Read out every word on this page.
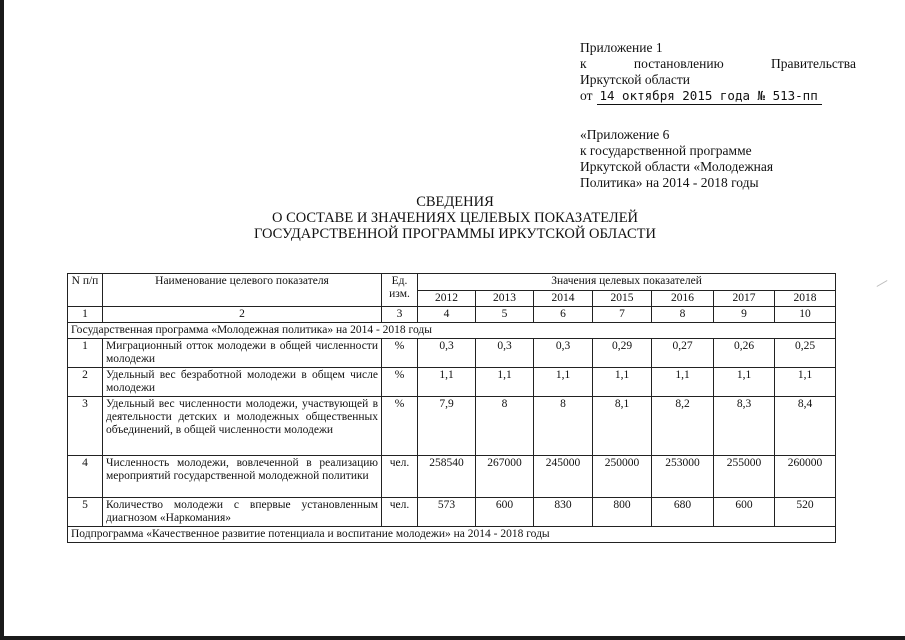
Приложение 1
к	постановлению	Правительства
Иркутской области
от 14 октября 2015 года № 513-пп
«Приложение 6
к государственной программе
Иркутской области «Молодежная
Политика» на 2014 - 2018 годы
СВЕДЕНИЯ
О СОСТАВЕ И ЗНАЧЕНИЯХ ЦЕЛЕВЫХ ПОКАЗАТЕЛЕЙ
ГОСУДАРСТВЕННОЙ ПРОГРАММЫ ИРКУТСКОЙ ОБЛАСТИ
N п/п	Наименование целевого показателя	Ед. изм.	Значения целевых показателей						
			2012	2013	2014	2015	2016	2017	2018
1	2	3	4	5	6	7	8	9	10
Государственная программа «Молодежная политика» на 2014 - 2018 годы									
1	Миграционный отток молодежи в общей численности молодежи	%	0,3	0,3	0,3	0,29	0,27	0,26	0,25
2	Удельный вес безработной молодежи в общем числе молодежи	%	1,1	1,1	1,1	1,1	1,1	1,1	1,1
3	Удельный вес численности молодежи, участвующей в деятельности детских и молодежных общественных объединений, в общей численности молодежи	%	7,9	8	8	8,1	8,2	8,3	8,4
4	Численность молодежи, вовлеченной в реализацию мероприятий государственной молодежной политики	чел.	258540	267000	245000	250000	253000	255000	260000
5	Количество молодежи с впервые установленным диагнозом «Наркомания»	чел.	573	600	830	800	680	600	520
Подпрограмма «Качественное развитие потенциала и воспитание молодежи» на 2014 - 2018 годы									
